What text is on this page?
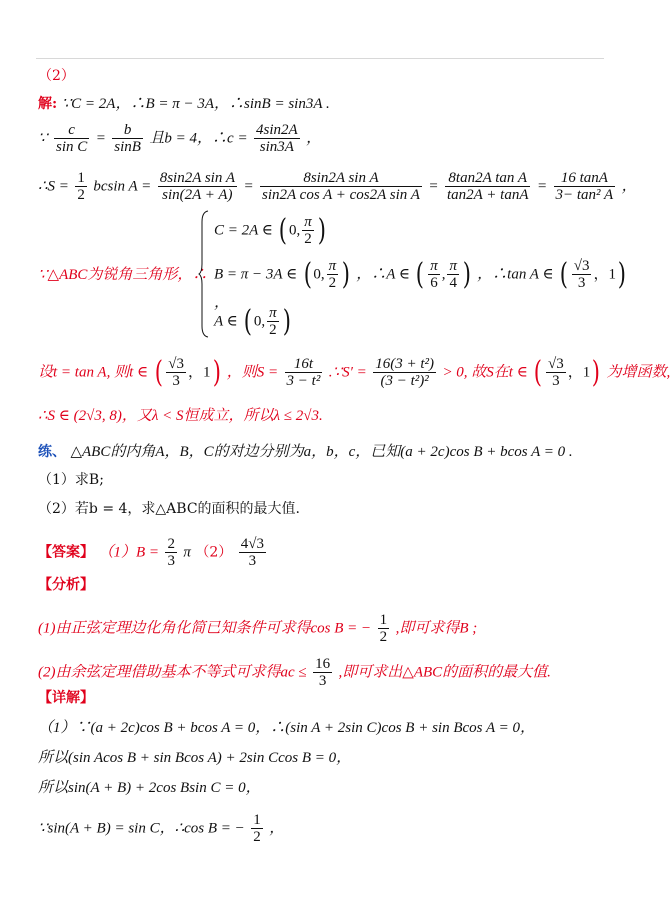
（2）
解: ∵C = 2A，∴B = π − 3A，∴sinB = sin3A .
∵ $\frac{c}{\text{sin C}} = \frac{b}{\sin B}$ 且b = 4，∴c = $\frac{4\sin 2A}{\sin 3A}$ ，
∴S = $\frac{1}{2}$ bcsin $A = \frac{\text{8sin2A sin A}}{\sin(2A + A)} = \frac{\text{8sin2A sin A}}{\text{sin2A cos A + cos2A sin A}} = \frac{\text{8tan2A tan A}}{\tan 2A + \tan A} = \frac{16 \tan A}{\text{3− tan² A}}$ ，
∵△ABC为锐角三角形，∴
C = 2A ∈ ( 0, $\frac{\pi}{2}$ )
B = π − 3A ∈ ( 0, $\frac{\pi}{2}$ ) ，∴A ∈ ( $\frac{\pi}{6}$ , $\frac{\pi}{4}$ ) ，∴tan A ∈ ( $\frac{√3}{3}$ ，1)，
A ∈ ( 0, $\frac{\pi}{2}$ )
设t = tan A, 则t ∈ ( $\frac{√3}{3}$ ，1) ，则$S = \frac{16t}{\text{3 − t²}}$ .∵S′ = $\frac{\text{16(3 + t²)}}{\text{(3 − t²)²}} > 0$, 故S在t ∈ ( $\frac{√3}{3}$ ，1) 为增函数,
∴S ∈ (2√3, 8)，又λ < S恒成立，所以λ ≤ 2√3.
练、 △ABC的内角A，B，C的对边分别为a，b，c，已知(a + 2c)cos B + bcos A = 0 .
（1）求B;
（2）若b = 4，求△ABC的面积的最大值.
【答案】 $(1)B = \frac{2}{3}$ π $(2) \frac{4√3}{3}$
【分析】
(1)由正弦定理边化角化简已知条件可求得cos B = − $\frac{1}{2}$ ,即可求得B ;
(2)由余弦定理借助基本不等式可求得ac ≤ $\frac{16}{3}$ ,即可求出△ABC的面积的最大值.
【详解】
（1）∵(a + 2c)cos B + bcos A = 0，∴(sin A + 2sin C)cos B + sin Bcos A = 0，
所以(sin Acos B + sin Bcos A) + 2sin Ccos B = 0，
所以sin(A + B) + 2cos Bsin C = 0，
∵sin(A + B) = sin C，∴cos B = − $\frac{1}{2}$ ，
